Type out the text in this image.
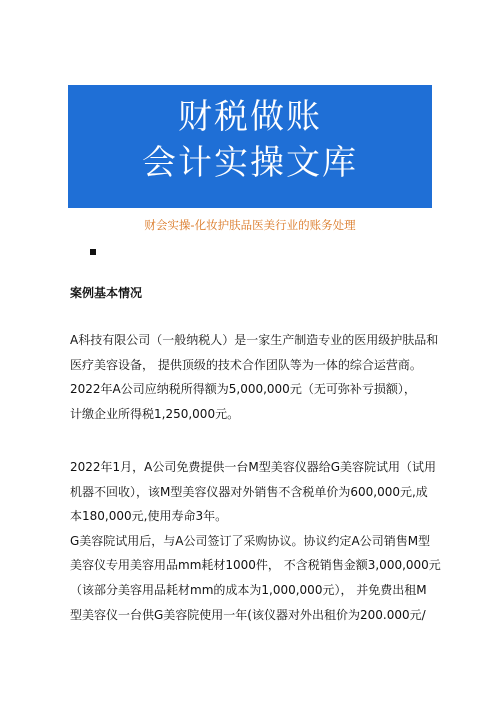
财税做账
会计实操文库
财会实操-化妆护肤品医美行业的账务处理
案例基本情况

A科技有限公司（一般纳税人）是一家生产制造专业的医用级护肤品和

医疗美容设备， 提供顶级的技术合作团队等为一体的综合运营商。

2022年A公司应纳税所得额为5,000,000元（无可弥补亏损额），

计缴企业所得税1,250,000元。

2022年1月，A公司免费提供一台M型美容仪器给G美容院试用（试用

机器不回收），该M型美容仪器对外销售不含税单价为600,000元,成

本180,000元,使用寿命3年。

G美容院试用后，与A公司签订了采购协议。协议约定A公司销售M型

美容仪专用美容用品mm耗材1000件， 不含税销售金额3,000,000元

（该部分美容用品耗材mm的成本为1,000,000元）， 并免费出租M

型美容仪一台供G美容院使用一年(该仪器对外出租价为200.000元/
